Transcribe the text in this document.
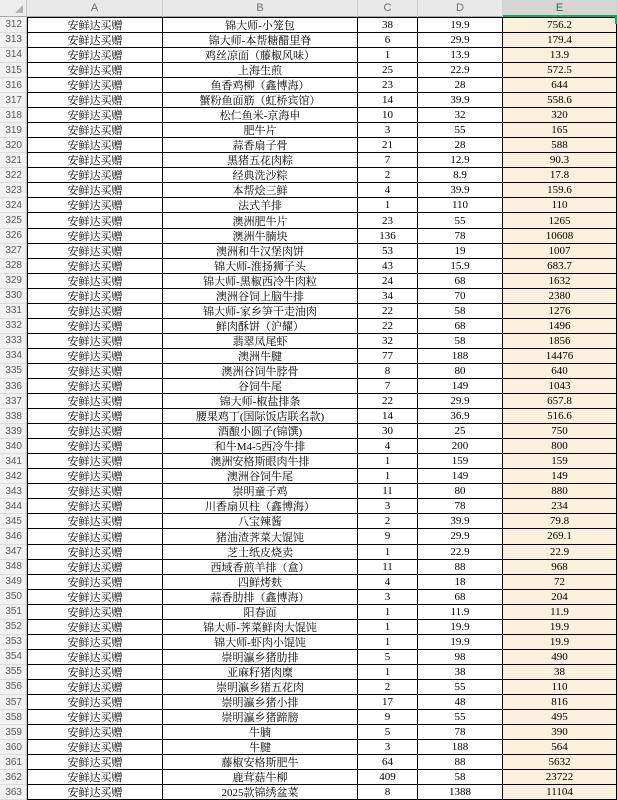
A	B	C	D	E
312	安鲜达买赠	锦大师-小笼包	38	19.9	756.2
313	安鲜达买赠	锦大师-本帮糖醋里脊	6	29.9	179.4
314	安鲜达买赠	鸡丝凉面（藤椒风味）	1	13.9	13.9
315	安鲜达买赠	上海生煎	25	22.9	572.5
316	安鲜达买赠	鱼香鸡柳（鑫博海）	23	28	644
317	安鲜达买赠	蟹粉鱼面筋（虹桥宾馆）	14	39.9	558.6
318	安鲜达买赠	松仁鱼米-京海申	10	32	320
319	安鲜达买赠	肥牛片	3	55	165
320	安鲜达买赠	蒜香扇子骨	21	28	588
321	安鲜达买赠	黑猪五花肉粽	7	12.9	90.3
322	安鲜达买赠	经典洗沙粽	2	8.9	17.8
323	安鲜达买赠	本帮烩三鲜	4	39.9	159.6
324	安鲜达买赠	法式羊排	1	110	110
325	安鲜达买赠	澳洲肥牛片	23	55	1265
326	安鲜达买赠	澳洲牛腩块	136	78	10608
327	安鲜达买赠	澳洲和牛汉堡肉饼	53	19	1007
328	安鲜达买赠	锦大师-淮扬狮子头	43	15.9	683.7
329	安鲜达买赠	锦大师-黑椒西冷牛肉粒	24	68	1632
330	安鲜达买赠	澳洲谷饲上脑牛排	34	70	2380
331	安鲜达买赠	锦大师-家乡笋干走油肉	22	58	1276
332	安鲜达买赠	鲜肉酥饼（沪耀）	22	68	1496
333	安鲜达买赠	翡翠凤尾虾	32	58	1856
334	安鲜达买赠	澳洲牛腱	77	188	14476
335	安鲜达买赠	澳洲谷饲牛脖骨	8	80	640
336	安鲜达买赠	谷饲牛尾	7	149	1043
337	安鲜达买赠	锦大师-椒盐排条	22	29.9	657.8
338	安鲜达买赠	腰果鸡丁(国际饭店联名款)	14	36.9	516.6
339	安鲜达买赠	酒酿小圆子(锦馔)	30	25	750
340	安鲜达买赠	和牛M4-5西冷牛排	4	200	800
341	安鲜达买赠	澳洲安格斯眼肉牛排	1	159	159
342	安鲜达买赠	澳洲谷饲牛尾	1	149	149
343	安鲜达买赠	崇明童子鸡	11	80	880
344	安鲜达买赠	川香扇贝柱（鑫博海）	3	78	234
345	安鲜达买赠	八宝辣酱	2	39.9	79.8
346	安鲜达买赠	猪油渣荠菜大馄饨	9	29.9	269.1
347	安鲜达买赠	芝士纸皮烧卖	1	22.9	22.9
348	安鲜达买赠	西域香煎羊排（盒）	11	88	968
349	安鲜达买赠	四鲜烤麸	4	18	72
350	安鲜达买赠	蒜香肋排（鑫博海）	3	68	204
351	安鲜达买赠	阳春面	1	11.9	11.9
352	安鲜达买赠	锦大师-荠菜鲜肉大馄饨	1	19.9	19.9
353	安鲜达买赠	锦大师-虾肉小馄饨	1	19.9	19.9
354	安鲜达买赠	崇明瀛乡猪肋排	5	98	490
355	安鲜达买赠	亚麻籽猪肉糜	1	38	38
356	安鲜达买赠	崇明瀛乡猪五花肉	2	55	110
357	安鲜达买赠	崇明瀛乡猪小排	17	48	816
358	安鲜达买赠	崇明瀛乡猪蹄膀	9	55	495
359	安鲜达买赠	牛腩	5	78	390
360	安鲜达买赠	牛腱	3	188	564
361	安鲜达买赠	藤椒安格斯肥牛	64	88	5632
362	安鲜达买赠	鹿茸菇牛柳	409	58	23722
363	安鲜达买赠	2025款锦绣盆菜	8	1388	11104
